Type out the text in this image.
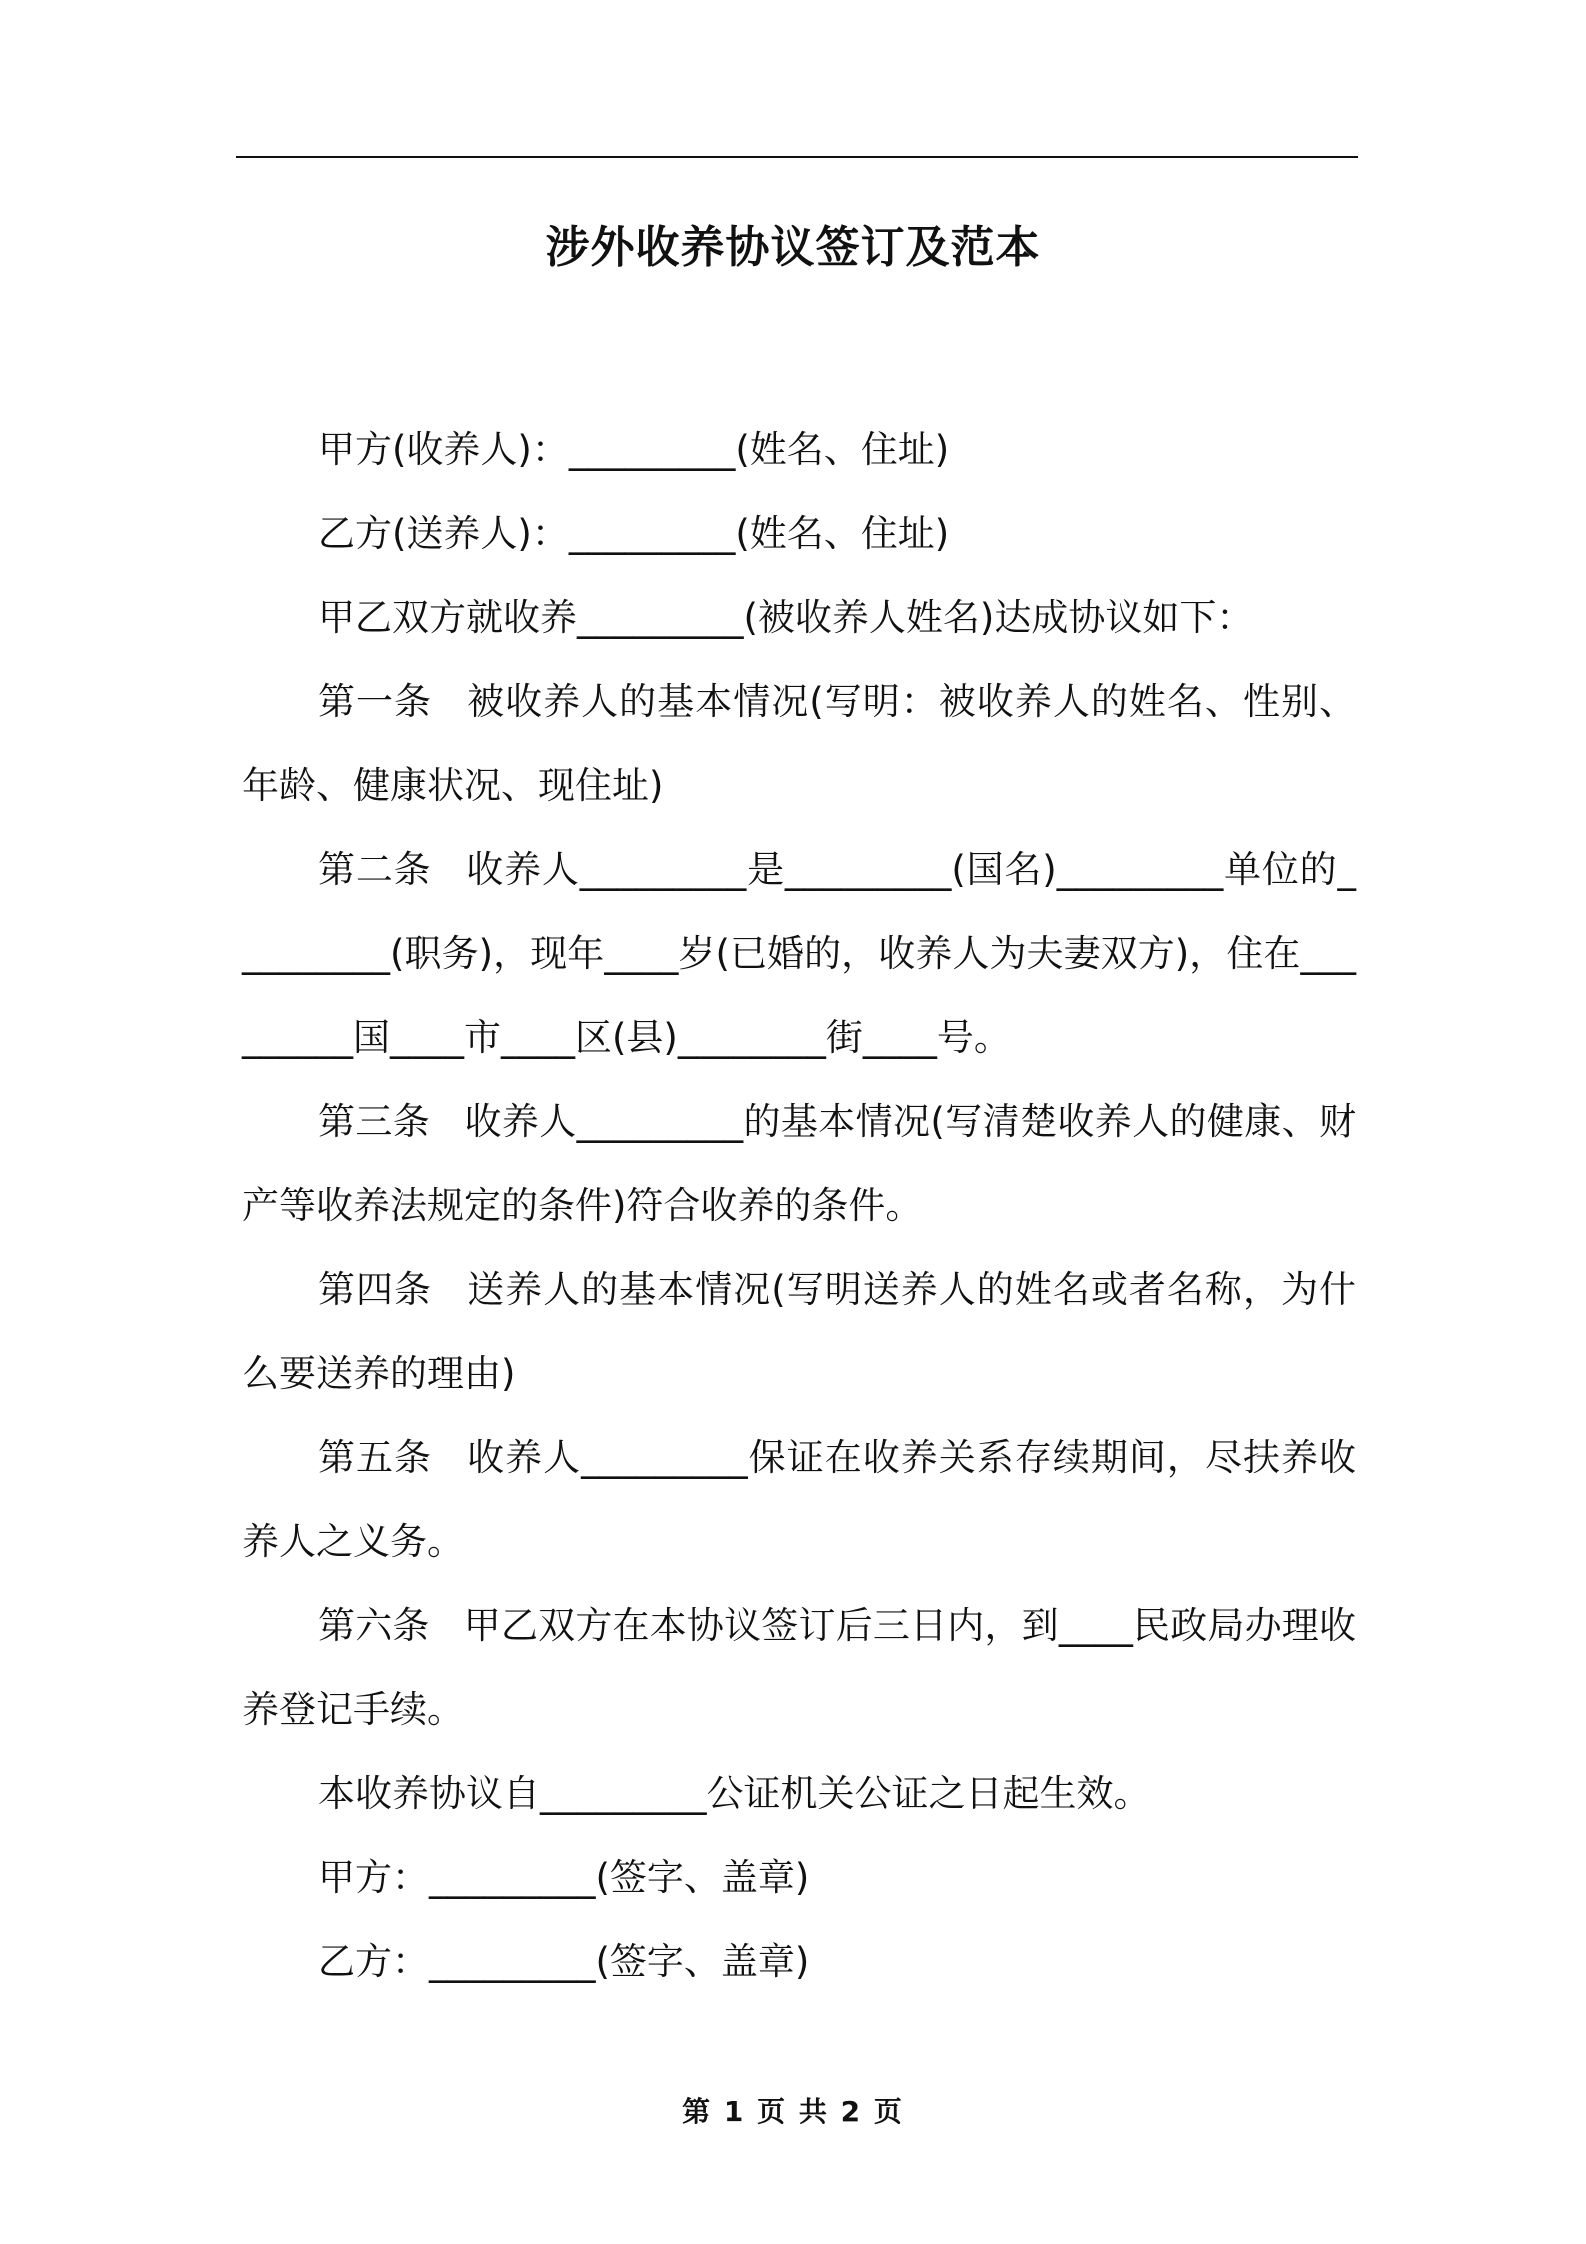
涉外收养协议签订及范本

甲方(收养人)：_________(姓名、住址)

乙方(送养人)：_________(姓名、住址)

甲乙双方就收养_________(被收养人姓名)达成协议如下：

第一条 被收养人的基本情况(写明：被收养人的姓名、性别、年龄、健康状况、现住址)

第二条 收养人_________是_________(国名)_________单位的_________(职务)，现年____岁(已婚的，收养人为夫妻双方)，住在_________国____市____区(县)________街____号。

第三条 收养人_________的基本情况(写清楚收养人的健康、财产等收养法规定的条件)符合收养的条件。

第四条 送养人的基本情况(写明送养人的姓名或者名称，为什么要送养的理由)

第五条 收养人_________保证在收养关系存续期间，尽扶养收养人之义务。

第六条 甲乙双方在本协议签订后三日内，到____民政局办理收养登记手续。

本收养协议自_________公证机关公证之日起生效。

甲方：_________(签字、盖章)

乙方：_________(签字、盖章)

第 1 页 共 2 页
